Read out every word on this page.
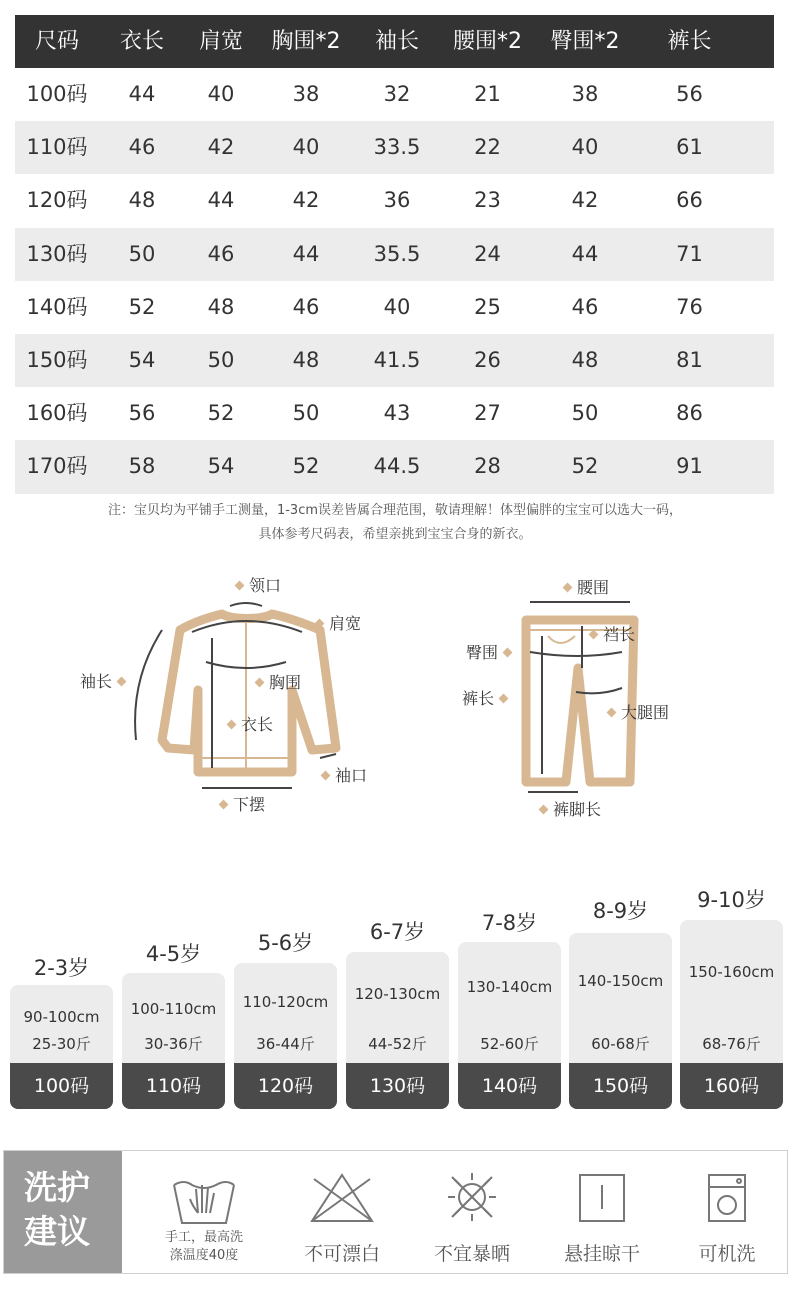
尺码	衣长	肩宽	胸围*2	袖长	腰围*2	臀围*2	裤长
100码	44	40	38	32	21	38	56
110码	46	42	40	33.5	22	40	61
120码	48	44	42	36	23	42	66
130码	50	46	44	35.5	24	44	71
140码	52	48	46	40	25	46	76
150码	54	50	48	41.5	26	48	81
160码	56	52	50	43	27	50	86
170码	58	54	52	44.5	28	52	91
注：宝贝均为平铺手工测量，1-3cm误差皆属合理范围，敬请理解！体型偏胖的宝宝可以选大一码，
具体参考尺码表，希望亲挑到宝宝合身的新衣。
领口
肩宽
袖长	胸围
衣长
袖口
下摆
腰围
臀围
裆长
裤长
大腿围
裤脚长
2-3岁
90-100cm
25-30斤
100码
4-5岁
100-110cm
30-36斤
110码
5-6岁
110-120cm
36-44斤
120码
6-7岁
120-130cm
44-52斤
130码
7-8岁
130-140cm
52-60斤
140码
8-9岁
140-150cm
60-68斤
150码
9-10岁
150-160cm
68-76斤
160码
洗护
建议	手工，最高洗
涤温度40度	不可漂白	不宜暴晒	悬挂晾干	可机洗
